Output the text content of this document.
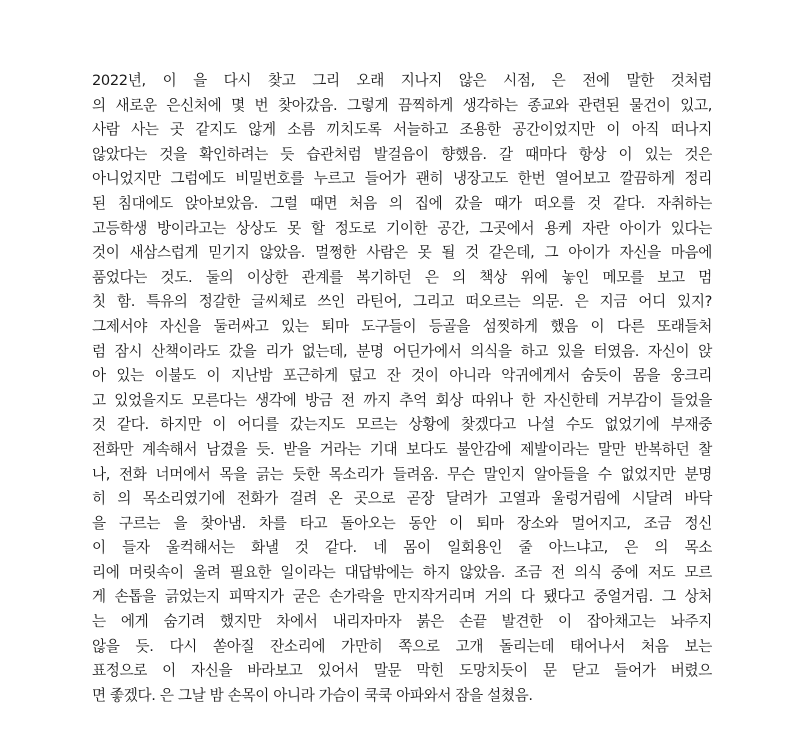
2022년, 이 을 다시 찾고 그리 오래 지나지 않은 시점, 은 전에 말한 것처럼
의 새로운 은신처에 몇 번 찾아갔음. 그렇게 끔찍하게 생각하는 종교와 관련된 물건이 있고,
사람 사는 곳 같지도 않게 소름 끼치도록 서늘하고 조용한 공간이었지만 이 아직 떠나지
않았다는 것을 확인하려는 듯 습관처럼 발걸음이 향했음. 갈 때마다 항상 이 있는 것은
아니었지만 그럼에도 비밀번호를 누르고 들어가 괜히 냉장고도 한번 열어보고 깔끔하게 정리
된 침대에도 앉아보았음. 그럴 때면 처음 의 집에 갔을 때가 떠오를 것 같다. 자취하는
고등학생 방이라고는 상상도 못 할 정도로 기이한 공간, 그곳에서 용케 자란 아이가 있다는
것이 새삼스럽게 믿기지 않았음. 멀쩡한 사람은 못 될 것 같은데, 그 아이가 자신을 마음에
품었다는 것도. 둘의 이상한 관계를 복기하던 은 의 책상 위에 놓인 메모를 보고 멈
칫 함. 특유의 정갈한 글씨체로 쓰인 라틴어, 그리고 떠오르는 의문. 은 지금 어디 있지?
그제서야 자신을 둘러싸고 있는 퇴마 도구들이 등골을 섬찟하게 했음 이 다른 또래들처
럼 잠시 산책이라도 갔을 리가 없는데, 분명 어딘가에서 의식을 하고 있을 터였음. 자신이 앉
아 있는 이불도 이 지난밤 포근하게 덮고 잔 것이 아니라 악귀에게서 숨듯이 몸을 웅크리
고 있었을지도 모른다는 생각에 방금 전 까지 추억 회상 따위나 한 자신한테 거부감이 들었을
것 같다. 하지만 이 어디를 갔는지도 모르는 상황에 찾겠다고 나설 수도 없었기에 부재중
전화만 계속해서 남겼을 듯. 받을 거라는 기대 보다도 불안감에 제발이라는 말만 반복하던 찰
나, 전화 너머에서 목을 긁는 듯한 목소리가 들려옴. 무슨 말인지 알아들을 수 없었지만 분명
히 의 목소리였기에 전화가 걸려 온 곳으로 곧장 달려가 고열과 울렁거림에 시달려 바닥
을 구르는 을 찾아냄. 차를 타고 돌아오는 동안 이 퇴마 장소와 멀어지고, 조금 정신
이 들자 울컥해서는 화낼 것 같다. 네 몸이 일회용인 줄 아느냐고, 은 의 목소
리에 머릿속이 울려 필요한 일이라는 대답밖에는 하지 않았음. 조금 전 의식 중에 저도 모르
게 손톱을 긁었는지 피딱지가 굳은 손가락을 만지작거리며 거의 다 됐다고 중얼거림. 그 상처
는 에게 숨기려 했지만 차에서 내리자마자 붉은 손끝 발견한 이 잡아채고는 놔주지
않을 듯. 다시 쏟아질 잔소리에 가만히 쪽으로 고개 돌리는데 태어나서 처음 보는
표정으로 이 자신을 바라보고 있어서 말문 막힌 도망치듯이 문 닫고 들어가 버렸으
면 좋겠다. 은 그날 밤 손목이 아니라 가슴이 쿡쿡 아파와서 잠을 설쳤음.
